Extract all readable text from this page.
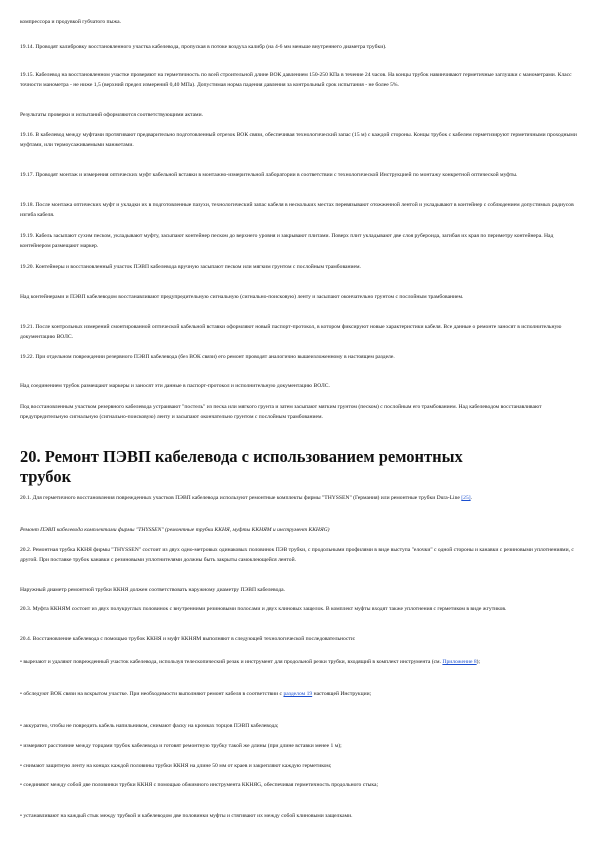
компрессора и продувкой губчатого пыжа.

19.14. Проводят калибровку восстановленного участка кабелевода, пропуская в потоке воздуха калибр (на 4-6 мм меньше внутреннего диаметра трубки).

19.15. Кабелевод на восстановленном участке проверяют на герметичность по всей строительной длине ВОК давлением 150-250 КПа в течение 24 часов. На концы трубок навинчивают герметичные заглушки с манометрами. Класс точности манометра - не ниже 1,5 (верхний предел измерений 0,40 МПа). Допустимая норма падения давления за контрольный срок испытания - не более 5%.

Результаты проверки и испытаний оформляются соответствующими актами.

19.16. В кабелевод между муфтами протягивают предварительно подготовленный отрезок ВОК связи, обеспечивая технологический запас (15 м) с каждой стороны. Концы трубок с кабелем герметизируют герметичными проходными муфтами, или термоусаживаемыми манжетами.

19.17. Проводят монтаж и измерения оптических муфт кабельной вставки в монтажно-измерительной лаборатории в соответствии с технологической Инструкцией по монтажу конкретной оптической муфты.

19.18. После монтажа оптических муфт и укладки их в подготовленные пазухи, технологический запас кабеля в нескольких местах перевязывают отожженной лентой и укладывают в контейнер с соблюдением допустимых радиусов изгиба кабеля.

19.19. Кабель засыпают сухим песком, укладывают муфту, засыпают контейнер песком до верхнего уровня и закрывают плитами. Поверх плит укладывают две слоя рубероида, загибая их края по периметру контейнера. Над контейнером размещают маркер.

19.20. Контейнеры и восстановленный участок ПЭВП кабелевода вручную засыпают песком или мягким грунтом с послойным трамбованием.

Над контейнерами и ПЭВП кабелеводом восстанавливают предупредительную сигнальную (сигнально-поисковую) ленту и засыпают окончательно грунтом с послойным трамбованием.

19.21. После контрольных измерений смонтированной оптической кабельной вставки оформляют новый паспорт-протокол, в котором фиксируют новые характеристики кабеля. Все данные о ремонте заносят в исполнительную документацию ВОЛС.

19.22. При отдельном повреждении резервного ПЭВП кабелевода (без ВОК связи) его ремонт проводят аналогично вышеизложенному в настоящем разделе.

Над соединением трубок размещают маркеры и заносят эти данные в паспорт-протокол и исполнительную документацию ВОЛС.

Под восстановленным участком резервного кабелевода устраивают "постель" из песка или мягкого грунта и затем засыпают мягким грунтом (песком) с послойным его трамбованием. Над кабелеводом восстанавливают предупредительную сигнальную (сигнально-поисковую) ленту и засыпают окончательно грунтом с послойным трамбованием.

20. Ремонт ПЭВП кабелевода с использованием ремонтных
трубок

20.1. Для герметичного восстановления поврежденных участков ПЭВП кабелевода используют ремонтные комплекты фирмы "THYSSEN" (Германия) или ремонтные трубки Dura-Line [25].

Ремонт ПЭВП кабелевода комплектами фирмы "THYSSEN" (ремонтные трубки ККНЯ, муфты ККНЯМ и инструмент ККНЯG)

20.2. Ремонтная трубка ККНЯ фирмы "THYSSEN" состоит из двух одно-метровых одинаковых половинок ПЭВ трубки, с продольными профилями в виде выступа "елочки" с одной стороны и канавки с резиновыми уплотнениями, с другой. При поставке трубок канавки с резиновыми уплотнителями должны быть закрыты самоклеющейся лентой.

Наружный диаметр ремонтной трубки ККНЯ должен соответствовать наружному диаметру ПЭВП кабелевода.

20.3. Муфта ККНЯМ состоит из двух полукруглых половинок с внутренними резиновыми полосами и двух клиновых защелок. В комплект муфты входят также уплотнения с герметиком в виде жгутиков.

20.4. Восстановление кабелевода с помощью трубок ККНЯ и муфт ККНЯМ выполняют в следующей технологической последовательности:

• вырезают и удаляют поврежденный участок кабелевода, используя телескопический резак и инструмент для продольной резки трубки, входящий в комплект инструмента (см. Приложение 8);

• обследуют ВОК связи на вскрытом участке. При необходимости выполняют ремонт кабеля в соответствии с разделом 19 настоящей Инструкции;

• аккуратно, чтобы не повредить кабель напильником, снимают фаску на кромках торцов ПЭВП кабелевода;

• измеряют расстояние между торцами трубок кабелевода и готовят ремонтную трубку такой же длины (при длине вставки менее 1 м);

• снимают защитную ленту на концах каждой половины трубки ККНЯ на длине 50 мм от краев и закрепляют каждую герметиком;

• соединяют между собой две половинки трубки ККНЯ с помощью обжимного инструмента ККНЯG, обеспечивая герметичность продольного стыка;

• устанавливают на каждый стык между трубкой и кабелеводом две половинки муфты и стягивают их между собой клиновыми защелками.
